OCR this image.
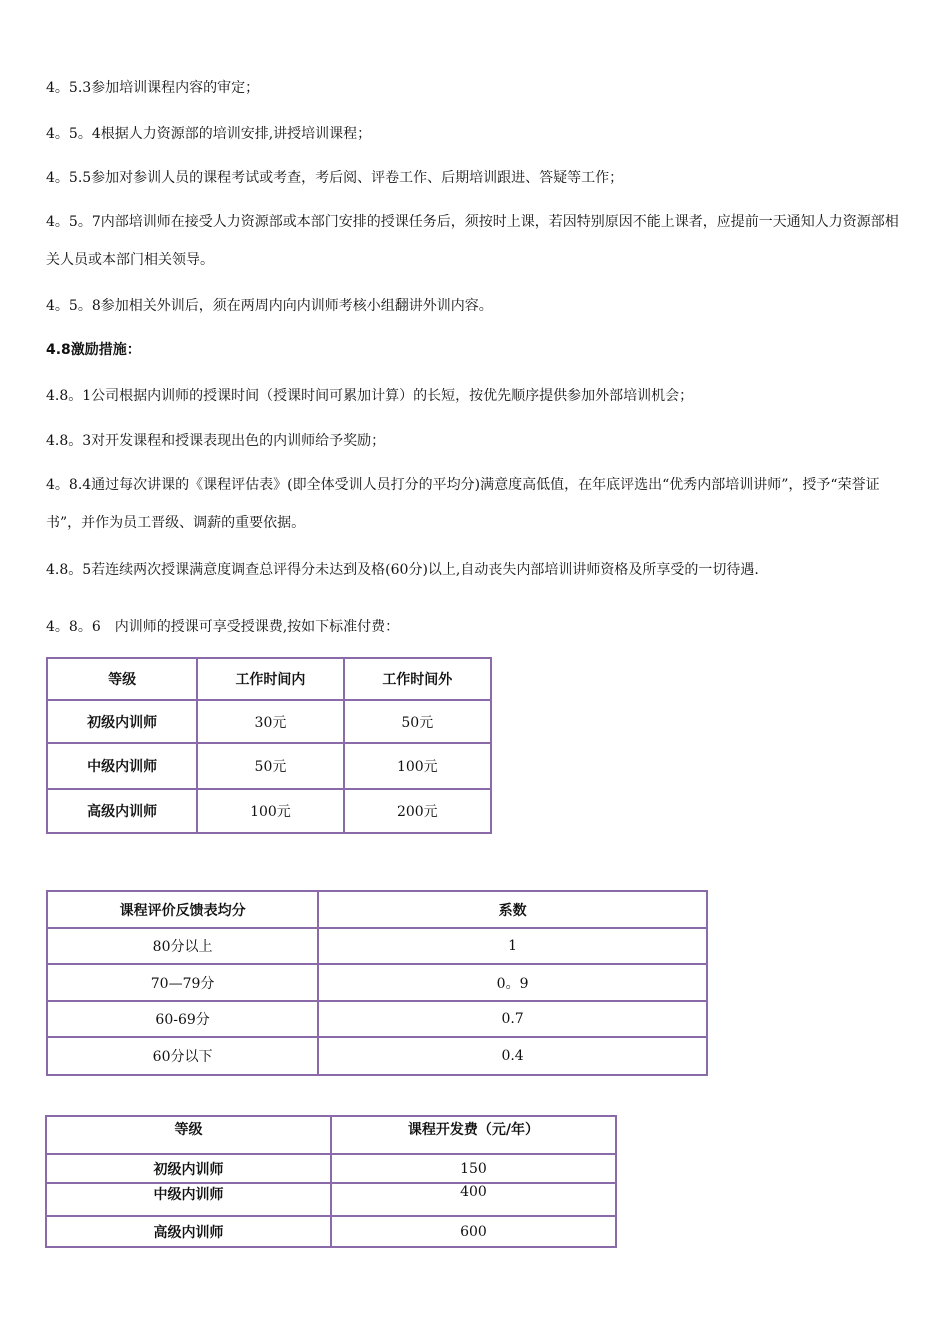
4。5.3参加培训课程内容的审定；
4。5。4根据人力资源部的培训安排,讲授培训课程；
4。5.5参加对参训人员的课程考试或考查，考后阅、评卷工作、后期培训跟进、答疑等工作；
4。5。7内部培训师在接受人力资源部或本部门安排的授课任务后，须按时上课，若因特别原因不能上课者，应提前一天通知人力资源部相关人员或本部门相关领导。
4。5。8参加相关外训后，须在两周内向内训师考核小组翻讲外训内容。
4.8激励措施：
4.8。1公司根据内训师的授课时间（授课时间可累加计算）的长短，按优先顺序提供参加外部培训机会；
4.8。3对开发课程和授课表现出色的内训师给予奖励；
4。8.4通过每次讲课的《课程评估表》(即全体受训人员打分的平均分)满意度高低值，在年底评选出“优秀内部培训讲师”，授予“荣誉证书”，并作为员工晋级、调薪的重要依据。
4.8。5若连续两次授课满意度调查总评得分未达到及格(60分)以上,自动丧失内部培训讲师资格及所享受的一切待遇.
4。8。6　内训师的授课可享受授课费,按如下标准付费：
等级	工作时间内	工作时间外
初级内训师	30元	50元
中级内训师	50元	100元
高级内训师	100元	200元
课程评价反馈表均分	系数
80分以上	1
70—79分	0。9
60-69分	0.7
60分以下	0.4
等级	课程开发费（元/年）
初级内训师	150
中级内训师	400
高级内训师	600
